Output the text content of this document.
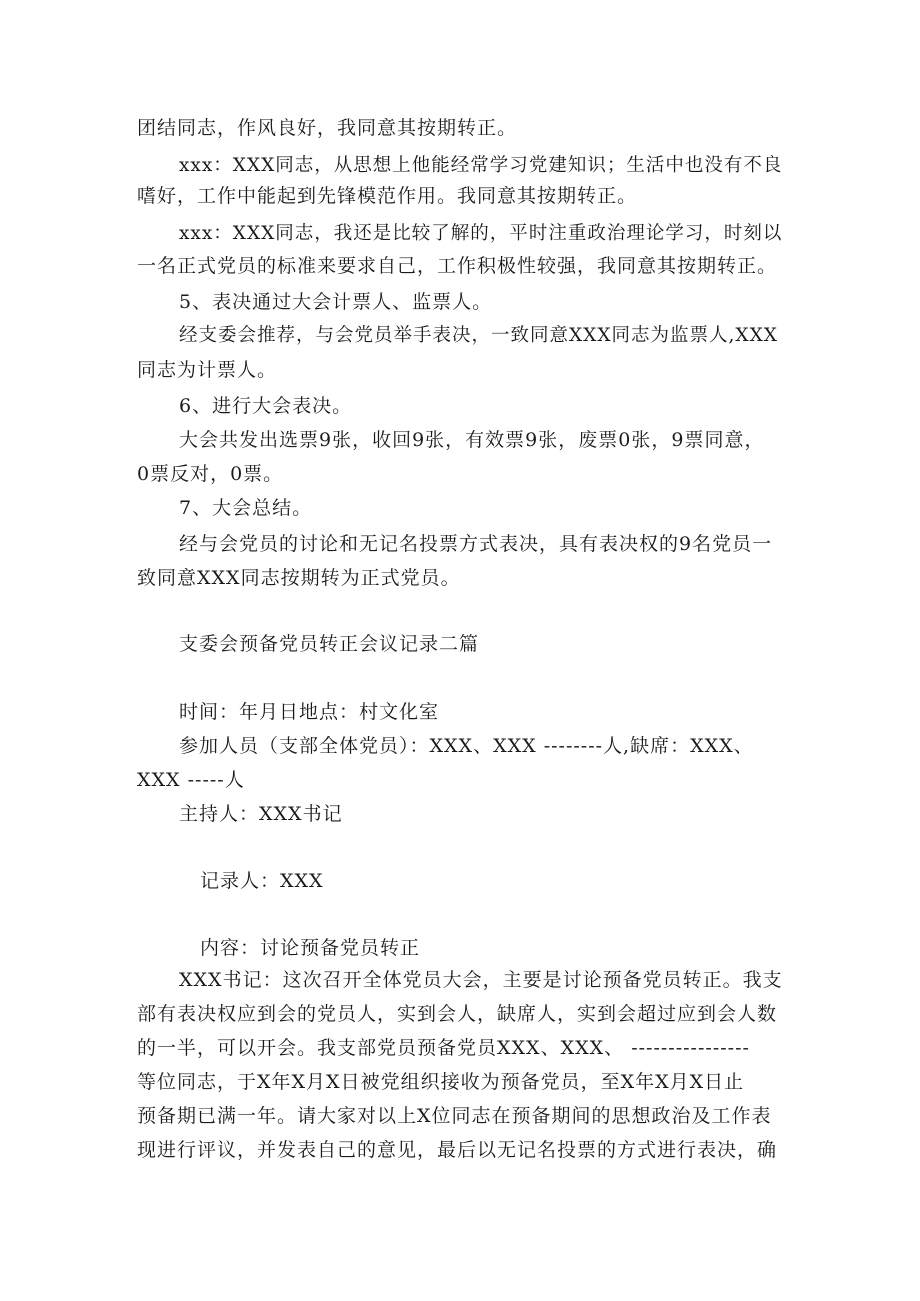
团结同志，作风良好，我同意其按期转正。
xxx：XXX同志，从思想上他能经常学习党建知识；生活中也没有不良
嗜好，工作中能起到先锋模范作用。我同意其按期转正。
xxx：XXX同志，我还是比较了解的，平时注重政治理论学习，时刻以
一名正式党员的标准来要求自己，工作积极性较强，我同意其按期转正。
5、表决通过大会计票人、监票人。
经支委会推荐，与会党员举手表决，一致同意XXX同志为监票人,XXX
同志为计票人。
6、进行大会表决。
大会共发出选票9张，收回9张，有效票9张，废票0张，9票同意，
0票反对，0票。
7、大会总结。
经与会党员的讨论和无记名投票方式表决，具有表决权的9名党员一
致同意XXX同志按期转为正式党员。
支委会预备党员转正会议记录二篇
时间：年月日地点：村文化室
参加人员（支部全体党员）：XXX、XXX --------人,缺席：XXX、
XXX -----人
主持人：XXX书记
记录人：XXX
内容：讨论预备党员转正
XXX书记：这次召开全体党员大会，主要是讨论预备党员转正。我支
部有表决权应到会的党员人，实到会人，缺席人，实到会超过应到会人数
的一半，可以开会。我支部党员预备党员XXX、XXX、 ----------------
等位同志，于X年X月X日被党组织接收为预备党员，至X年X月X日止
预备期已满一年。请大家对以上X位同志在预备期间的思想政治及工作表
现进行评议，并发表自己的意见，最后以无记名投票的方式进行表决，确
